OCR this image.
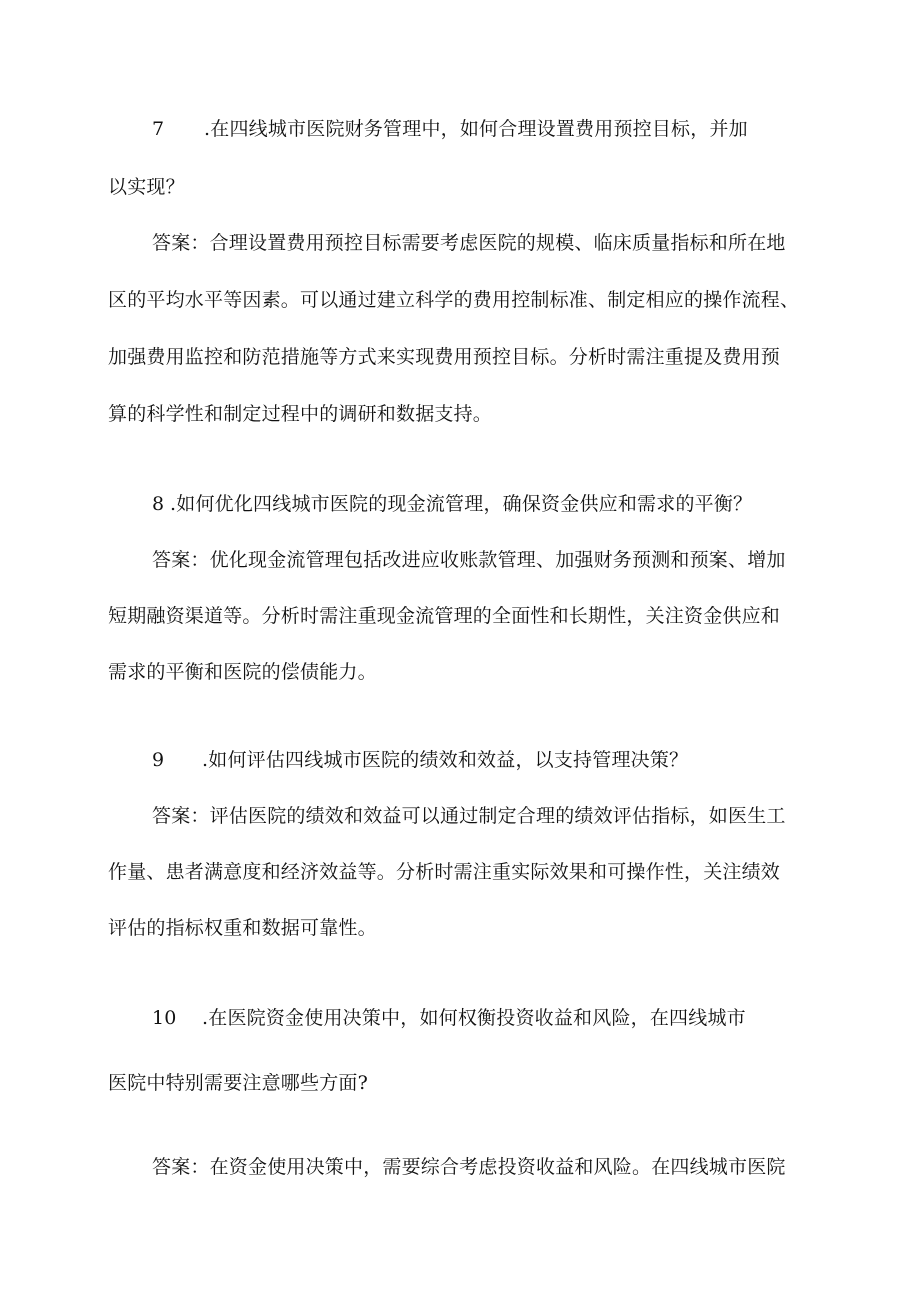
7 .在四线城市医院财务管理中，如何合理设置费用预控目标，并加
以实现？
答案：合理设置费用预控目标需要考虑医院的规模、临床质量指标和所在地
区的平均水平等因素。可以通过建立科学的费用控制标准、制定相应的操作流程、
加强费用监控和防范措施等方式来实现费用预控目标。分析时需注重提及费用预
算的科学性和制定过程中的调研和数据支持。
8 .如何优化四线城市医院的现金流管理，确保资金供应和需求的平衡？
答案：优化现金流管理包括改进应收账款管理、加强财务预测和预案、增加
短期融资渠道等。分析时需注重现金流管理的全面性和长期性，关注资金供应和
需求的平衡和医院的偿债能力。
9 .如何评估四线城市医院的绩效和效益，以支持管理决策？
答案：评估医院的绩效和效益可以通过制定合理的绩效评估指标，如医生工
作量、患者满意度和经济效益等。分析时需注重实际效果和可操作性，关注绩效
评估的指标权重和数据可靠性。
10 .在医院资金使用决策中，如何权衡投资收益和风险，在四线城市
医院中特别需要注意哪些方面?
答案：在资金使用决策中，需要综合考虑投资收益和风险。在四线城市医院
